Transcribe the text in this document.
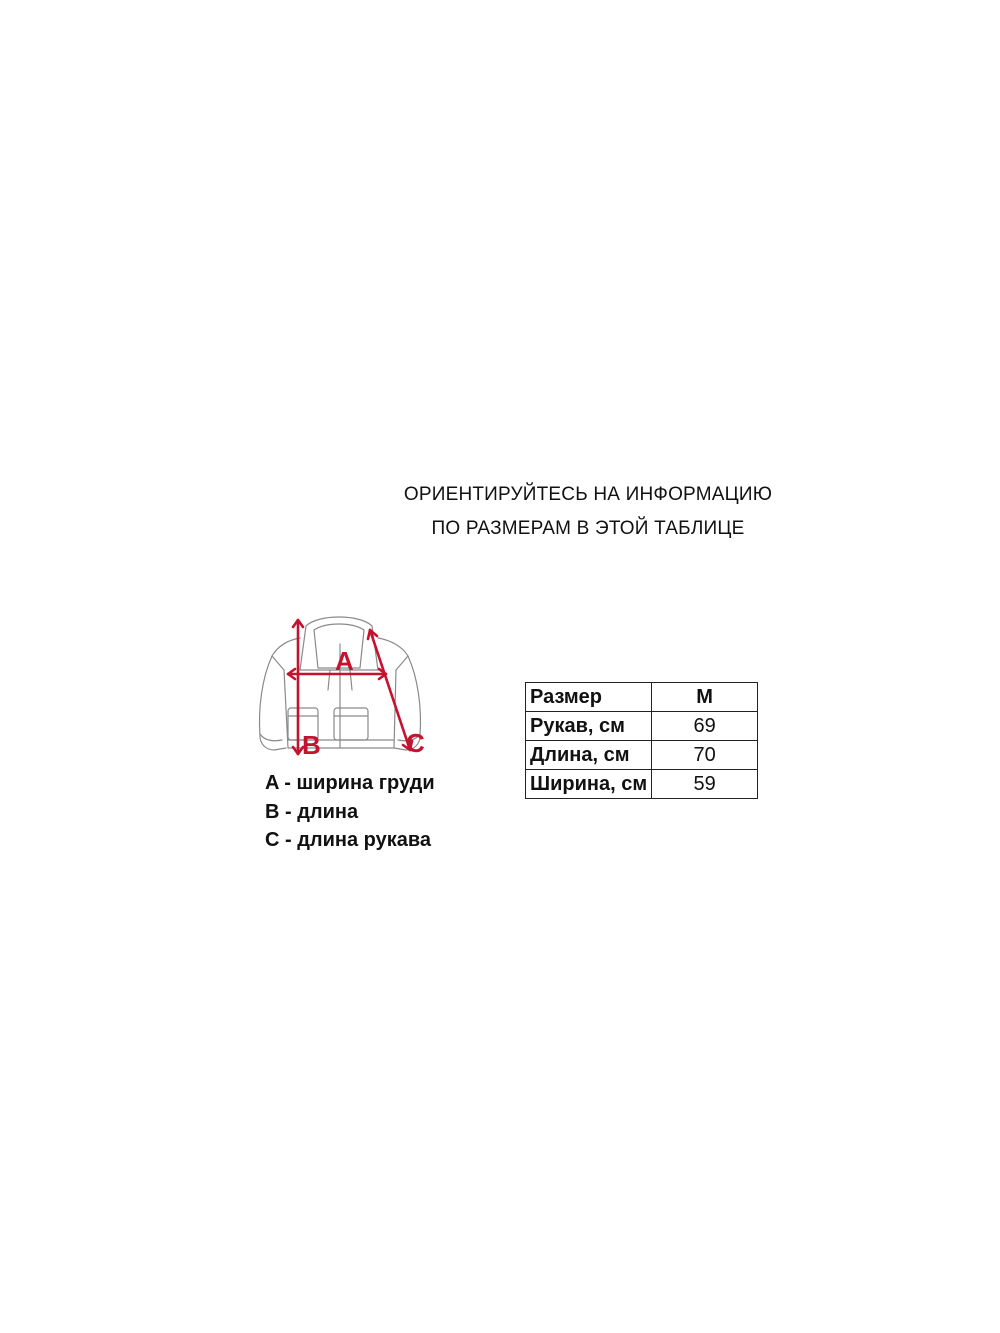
ОРИЕНТИРУЙТЕСЬ НА ИНФОРМАЦИЮ
ПО РАЗМЕРАМ В ЭТОЙ ТАБЛИЦЕ
A
B	C
A - ширина груди
B - длина
C - длина рукава
Размер	M
Рукав, см	69
Длина, см	70
Ширина, см	59
